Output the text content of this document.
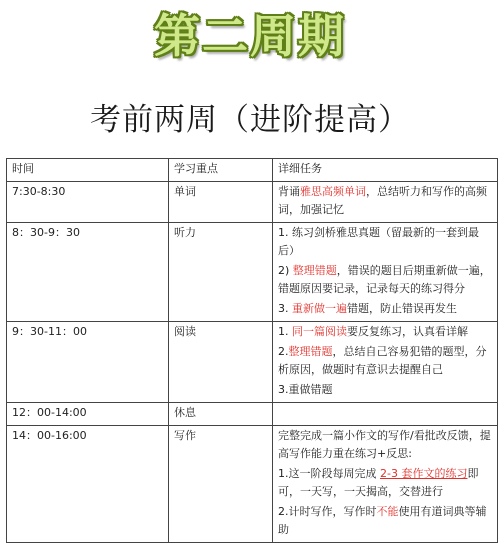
第二周期
考前两周（进阶提高）
时间	学习重点	详细任务
7:30-8:30	单词	背诵雅思高频单词，总结听力和写作的高频词，加强记忆

8：30-9：30	听力	1. 练习剑桥雅思真题（留最新的一套到最后）

2) 整理错题，错误的题目后期重新做一遍，错题原因要记录，记录每天的练习得分

3. 重新做一遍错题，防止错误再发生

9：30-11：00	阅读	1. 同一篇阅读要反复练习，认真看详解

2.整理错题，总结自己容易犯错的题型，分析原因，做题时有意识去提醒自己

3.重做错题

12：00-14:00	休息	
14：00-16:00	写作	完整完成一篇小作文的写作/看批改反馈，提高写作能力重在练习+反思:

1.这一阶段每周完成 2-3 套作文的练习即可，一天写，一天揭高，交替进行

2.计时写作，写作时不能使用有道词典等辅助
